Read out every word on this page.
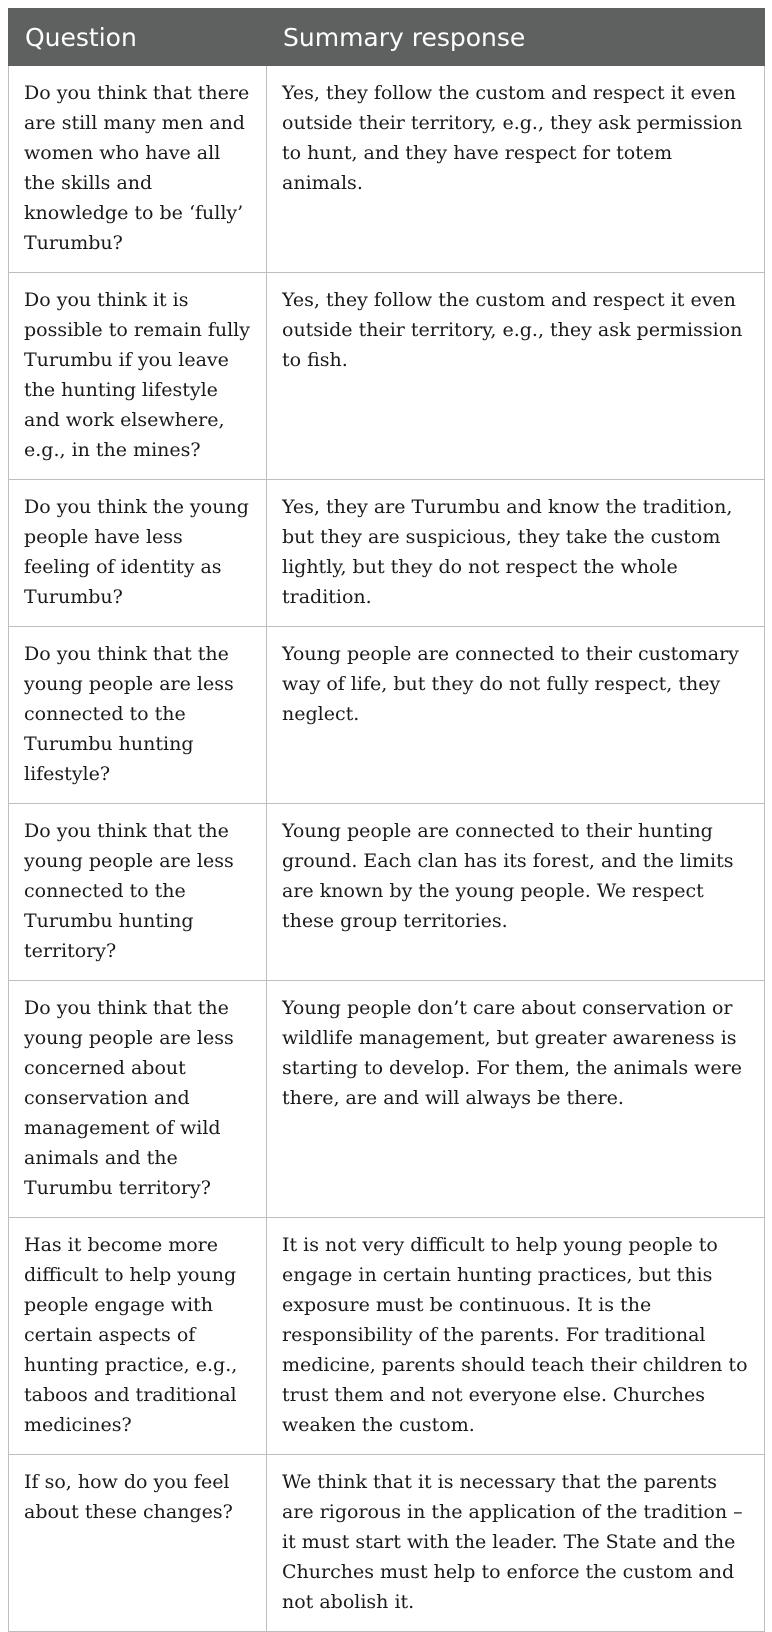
Question	Summary response
Do you think that there are still many men and women who have all the skills and knowledge to be ‘fully’ Turumbu?	Yes, they follow the custom and respect it even outside their territory, e.g., they ask permission to hunt, and they have respect for totem animals.
Do you think it is possible to remain fully Turumbu if you leave the hunting lifestyle and work elsewhere, e.g., in the mines?	Yes, they follow the custom and respect it even outside their territory, e.g., they ask permission to fish.
Do you think the young people have less feeling of identity as Turumbu?	Yes, they are Turumbu and know the tradition, but they are suspicious, they take the custom lightly, but they do not respect the whole tradition.
Do you think that the young people are less connected to the Turumbu hunting lifestyle?	Young people are connected to their customary way of life, but they do not fully respect, they neglect.
Do you think that the young people are less connected to the Turumbu hunting territory?	Young people are connected to their hunting ground. Each clan has its forest, and the limits are known by the young people. We respect these group territories.
Do you think that the young people are less concerned about conservation and management of wild animals and the Turumbu territory?	Young people don’t care about conservation or wildlife management, but greater awareness is starting to develop. For them, the animals were there, are and will always be there.
Has it become more difficult to help young people engage with certain aspects of hunting practice, e.g., taboos and traditional medicines?	It is not very difficult to help young people to engage in certain hunting practices, but this exposure must be continuous. It is the responsibility of the parents. For traditional medicine, parents should teach their children to trust them and not everyone else. Churches weaken the custom.
If so, how do you feel about these changes?	We think that it is necessary that the parents are rigorous in the application of the tradition – it must start with the leader. The State and the Churches must help to enforce the custom and not abolish it.
